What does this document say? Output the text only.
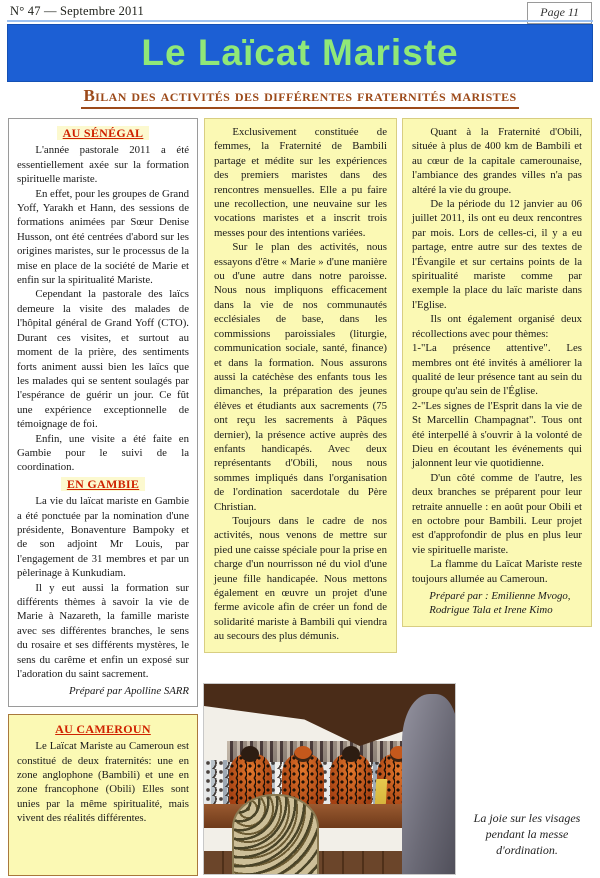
N° 47 — Septembre 2011	Page 11
Le Laïcat Mariste
Bilan des activités des différentes fraternités maristes
AU SÉNÉGAL

L'année pastorale 2011 a été essentiellement axée sur la formation spirituelle mariste.

En effet, pour les groupes de Grand Yoff, Yarakh et Hann, des sessions de formations animées par Sœur Denise Husson, ont été centrées d'abord sur les origines maristes, sur le processus de la mise en place de la société de Marie et enfin sur la spiritualité Mariste.

Cependant la pastorale des laïcs demeure la visite des malades de l'hôpital général de Grand Yoff (CTO). Durant ces visites, et surtout au moment de la prière, des sentiments forts animent aussi bien les laïcs que les malades qui se sentent soulagés par l'espérance de guérir un jour. Ce fût une expérience exceptionnelle de témoignage de foi.

Enfin, une visite a été faite en Gambie pour le suivi de la coordination.

EN GAMBIE

La vie du laïcat mariste en Gambie a été ponctuée par la nomination d'une présidente, Bonaventure Bampoky et de son adjoint Mr Louis, par l'engagement de 31 membres et par un pèlerinage à Kunkudiam.

Il y eut aussi la formation sur différents thèmes à savoir la vie de Marie à Nazareth, la famille mariste avec ses différentes branches, le sens du rosaire et ses différents mystères, le sens du carême et enfin un exposé sur l'adoration du saint sacrement.

Préparé par Apolline SARR

AU CAMEROUN

Le Laïcat Mariste au Cameroun est constitué de deux fraternités: une en zone anglophone (Bambili) et une en zone francophone (Obili) Elles sont unies par la même spiritualité, mais vivent des réalités différentes.

Exclusivement constituée de femmes, la Fraternité de Bambili partage et médite sur les expériences des premiers maristes dans des rencontres mensuelles. Elle a pu faire une recollection, une neuvaine sur les vocations maristes et a inscrit trois messes pour des intentions variées.

Sur le plan des activités, nous essayons d'être « Marie » d'une manière ou d'une autre dans notre paroisse. Nous nous impliquons efficacement dans la vie de nos communautés ecclésiales de base, dans les commissions paroissiales (liturgie, communication sociale, santé, finance) et dans la formation. Nous assurons aussi la catéchèse des enfants tous les dimanches, la préparation des jeunes élèves et étudiants aux sacrements (75 ont reçu les sacrements à Pâques dernier), la présence active auprès des enfants handicapés. Avec deux représentants d'Obili, nous nous sommes impliqués dans l'organisation de l'ordination sacerdotale du Père Christian.

Toujours dans le cadre de nos activités, nous venons de mettre sur pied une caisse spéciale pour la prise en charge d'un nourrisson né du viol d'une jeune fille handicapée. Nous mettons également en œuvre un projet d'une ferme avicole afin de créer un fond de solidarité mariste à Bambili qui viendra au secours des plus démunis.

Quant à la Fraternité d'Obili, située à plus de 400 km de Bambili et au cœur de la capitale camerounaise, l'ambiance des grandes villes n'a pas altéré la vie du groupe.

De la période du 12 janvier au 06 juillet 2011, ils ont eu deux rencontres par mois. Lors de celles-ci, il y a eu partage, entre autre sur des textes de l'Évangile et sur certains points de la spiritualité mariste comme par exemple la place du laïc mariste dans l'Eglise.

Ils ont également organisé deux récollections avec pour thèmes:

1-"La présence attentive". Les membres ont été invités à améliorer la qualité de leur présence tant au sein du groupe qu'au sein de l'Église.

2-"Les signes de l'Esprit dans la vie de St Marcellin Champagnat". Tous ont été interpellé à s'ouvrir à la volonté de Dieu en écoutant les événements qui jalonnent leur vie quotidienne.

D'un côté comme de l'autre, les deux branches se préparent pour leur retraite annuelle : en août pour Obili et en octobre pour Bambili. Leur projet est d'approfondir de plus en plus leur vie spirituelle mariste.

La flamme du Laïcat Mariste reste toujours allumée au Cameroun.

Préparé par : Emilienne Mvogo, Rodrigue Tala et Irene Kimo

La joie sur les visages pendant la messe d'ordination.
